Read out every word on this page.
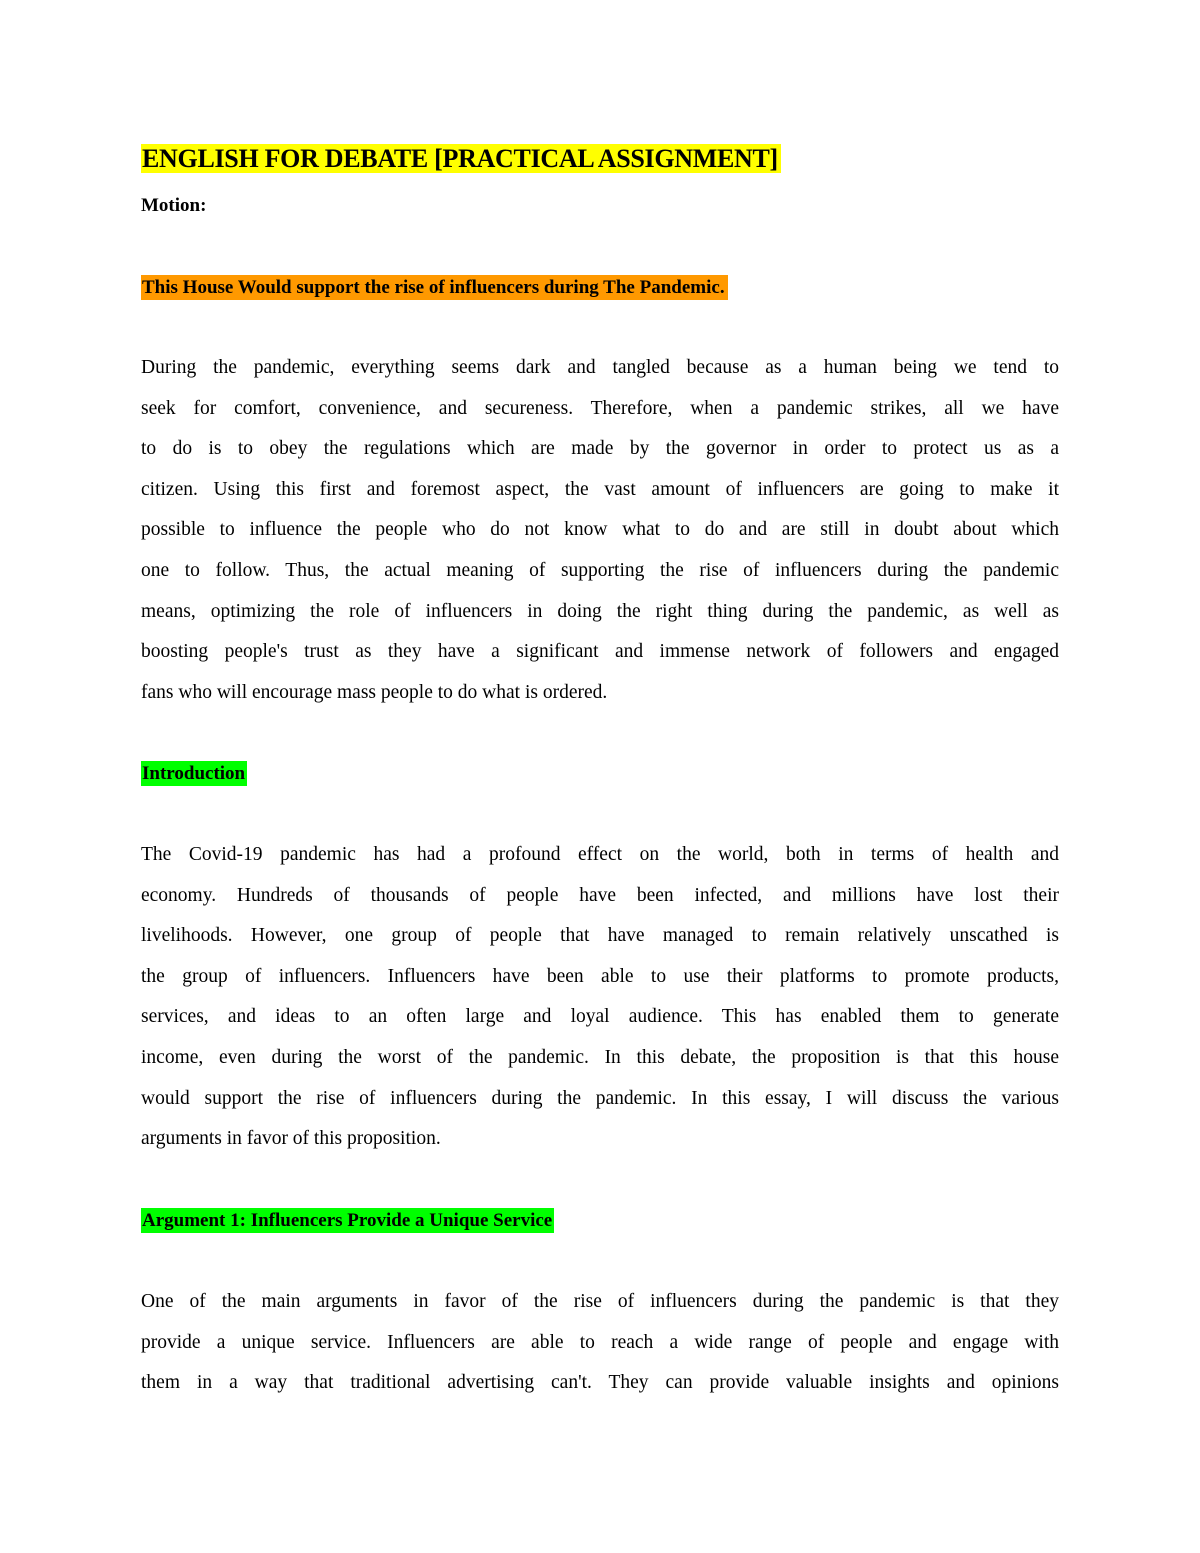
ENGLISH FOR DEBATE [PRACTICAL ASSIGNMENT]

Motion:

This House Would support the rise of influencers during The Pandemic.

During the pandemic, everything seems dark and tangled because as a human being we tend to
seek for comfort, convenience, and secureness. Therefore, when a pandemic strikes, all we have
to do is to obey the regulations which are made by the governor in order to protect us as a
citizen. Using this first and foremost aspect, the vast amount of influencers are going to make it
possible to influence the people who do not know what to do and are still in doubt about which
one to follow. Thus, the actual meaning of supporting the rise of influencers during the pandemic
means, optimizing the role of influencers in doing the right thing during the pandemic, as well as
boosting people's trust as they have a significant and immense network of followers and engaged
fans who will encourage mass people to do what is ordered.
Introduction
The Covid-19 pandemic has had a profound effect on the world, both in terms of health and
economy. Hundreds of thousands of people have been infected, and millions have lost their
livelihoods. However, one group of people that have managed to remain relatively unscathed is
the group of influencers. Influencers have been able to use their platforms to promote products,
services, and ideas to an often large and loyal audience. This has enabled them to generate
income, even during the worst of the pandemic. In this debate, the proposition is that this house
would support the rise of influencers during the pandemic. In this essay, I will discuss the various
arguments in favor of this proposition.
Argument 1: Influencers Provide a Unique Service
One of the main arguments in favor of the rise of influencers during the pandemic is that they
provide a unique service. Influencers are able to reach a wide range of people and engage with
them in a way that traditional advertising can't. They can provide valuable insights and opinions
